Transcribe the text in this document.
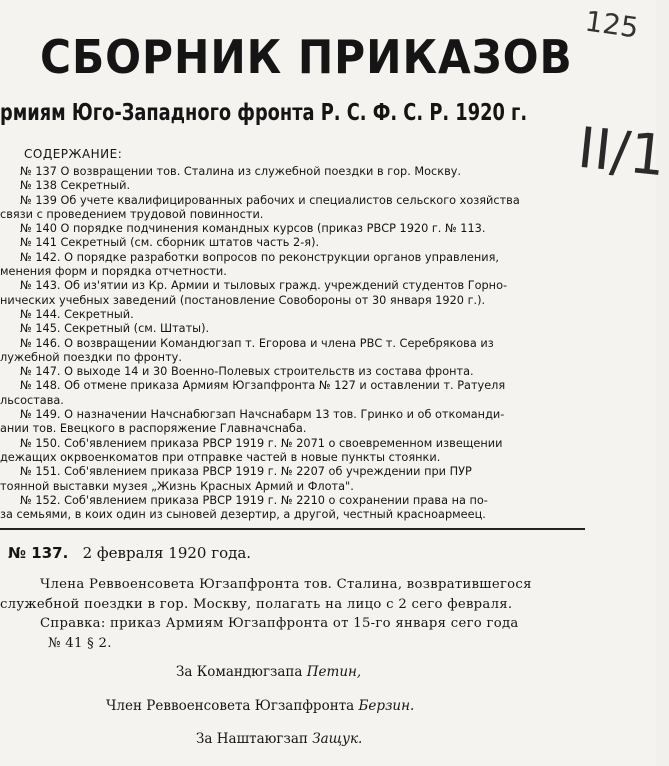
125
СБОРНИК ПРИКАЗОВ
рмиям Юго-Западного фронта Р. С. Ф. С. Р. 1920 г.
II/1
СОДЕРЖАНИЕ:
№ 137 О возвращении тов. Сталина из служебной поездки в гор. Москву.
№ 138 Секретный.
№ 139 Об учете квалифицированных рабочих и специалистов сельского хозяйства
связи с проведением трудовой повинности.
№ 140 О порядке подчинения командных курсов (приказ РВСР 1920 г. № 113.
№ 141 Секретный (см. сборник штатов часть 2-я).
№ 142. О порядке разработки вопросов по реконструкции органов управления,
менения форм и порядка отчетности.
№ 143. Об из'ятии из Кр. Армии и тыловых гражд. учреждений студентов Горно-
нических учебных заведений (постановление Совобороны от 30 января 1920 г.).
№ 144. Секретный.
№ 145. Секретный (см. Штаты).
№ 146. О возвращении Командюгзап т. Егорова и члена РВС т. Серебрякова из
лужебной поездки по фронту.
№ 147. О выходе 14 и 30 Военно-Полевых строительств из состава фронта.
№ 148. Об отмене приказа Армиям Югзапфронта № 127 и оставлении т. Ратуеля
льсостава.
№ 149. О назначении Начснабюгзап Начснабарм 13 тов. Гринко и об откоманди-
ании тов. Евецкого в распоряжение Главначснаба.
№ 150. Соб'явлением приказа РВСР 1919 г. № 2071 о своевременном извещении
дежащих окрвоенкоматов при отправке частей в новые пункты стоянки.
№ 151. Соб'явлением приказа РВСР 1919 г. № 2207 об учреждении при ПУР
тоянной выставки музея „Жизнь Красных Армий и Флота".
№ 152. Соб'явлением приказа РВСР 1919 г. № 2210 о сохранении права на по-
за семьями, в коих один из сыновей дезертир, а другой, честный красноармеец.
№ 137. 2 февраля 1920 года.
Члена Реввоенсовета Югзапфронта тов. Сталина, возвратившегося
служебной поездки в гор. Москву, полагать на лицо с 2 сего февраля.
Справка: приказ Армиям Югзапфронта от 15-го января сего года
№ 41 § 2.
За Командюгзапа Петин,
Член Реввоенсовета Югзапфронта Берзин.
За Наштаюгзап Защук.
